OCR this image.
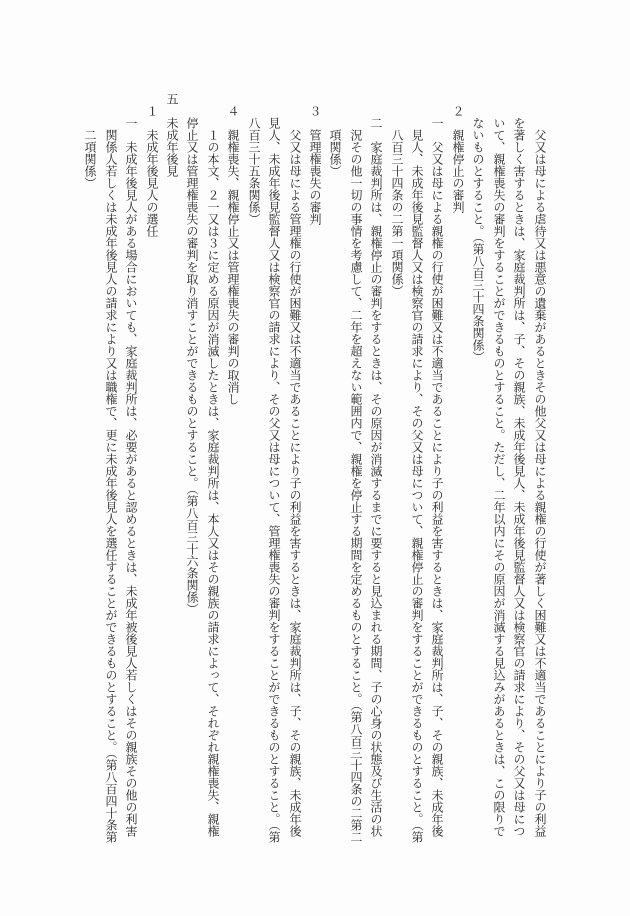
父又は母による虐待又は悪意の遺棄があるときその他父又は母による親権の行使が著しく困難又は不適当であることにより子の利益
を著しく害するときは、家庭裁判所は、子、その親族、未成年後見人、未成年後見監督人又は検察官の請求により、その父又は母につ
いて、親権喪失の審判をすることができるものとすること。ただし、二年以内にその原因が消滅する見込みがあるときは、この限りで
ないものとすること。（第八百三十四条関係）
２
親権停止の審判
一
父又は母による親権の行使が困難又は不適当であることにより子の利益を害するときは、家庭裁判所は、子、その親族、未成年後
見人、未成年後見監督人又は検察官の請求により、その父又は母について、親権停止の審判をすることができるものとすること。（第
八百三十四条の二第一項関係）
二
家庭裁判所は、親権停止の審判をするときは、その原因が消滅するまでに要すると見込まれる期間、子の心身の状態及び生活の状
況その他一切の事情を考慮して、二年を超えない範囲内で、親権を停止する期間を定めるものとすること。（第八百三十四条の二第二
項関係）
３
管理権喪失の審判
父又は母による管理権の行使が困難又は不適当であることにより子の利益を害するときは、家庭裁判所は、子、その親族、未成年後
見人、未成年後見監督人又は検察官の請求により、その父又は母について、管理権喪失の審判をすることができるものとすること。（第
八百三十五条関係）
４
親権喪失、親権停止又は管理権喪失の審判の取消し
１の本文、２一又は３に定める原因が消滅したときは、家庭裁判所は、本人又はその親族の請求によって、それぞれ親権喪失、親権
停止又は管理権喪失の審判を取り消すことができるものとすること。（第八百三十六条関係）
五
未成年後見
１
未成年後見人の選任
一
未成年後見人がある場合においても、家庭裁判所は、必要があると認めるときは、未成年被後見人若しくはその親族その他の利害
関係人若しくは未成年後見人の請求により又は職権で、更に未成年後見人を選任することができるものとすること。（第八百四十条第
二項関係）
